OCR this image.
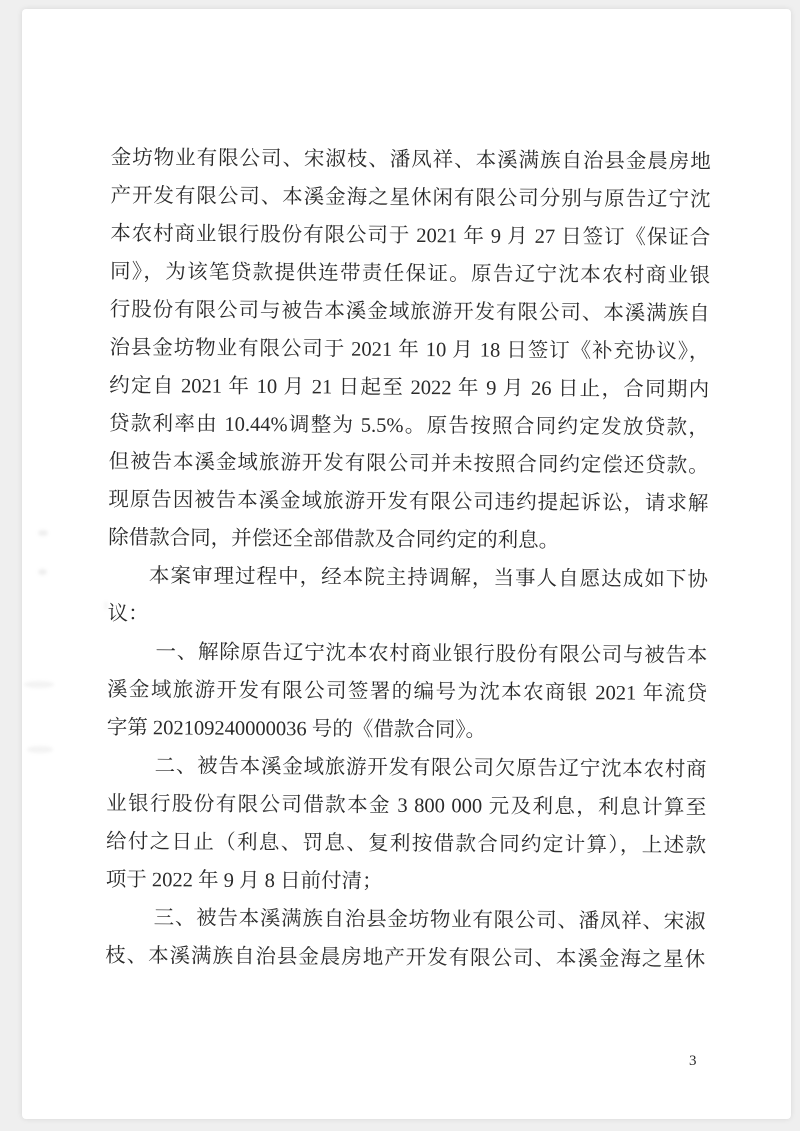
金坊物业有限公司、宋淑枝、潘凤祥、本溪满族自治县金晨房地
产开发有限公司、本溪金海之星休闲有限公司分别与原告辽宁沈
本农村商业银行股份有限公司于 2021 年 9 月 27 日签订《保证合
同》，为该笔贷款提供连带责任保证。原告辽宁沈本农村商业银
行股份有限公司与被告本溪金域旅游开发有限公司、本溪满族自
治县金坊物业有限公司于 2021 年 10 月 18 日签订《补充协议》，
约定自 2021 年 10 月 21 日起至 2022 年 9 月 26 日止，合同期内
贷款利率由 10.44%调整为 5.5%。原告按照合同约定发放贷款，
但被告本溪金域旅游开发有限公司并未按照合同约定偿还贷款。
现原告因被告本溪金域旅游开发有限公司违约提起诉讼，请求解
除借款合同，并偿还全部借款及合同约定的利息。
本案审理过程中，经本院主持调解，当事人自愿达成如下协
议：
一、解除原告辽宁沈本农村商业银行股份有限公司与被告本
溪金域旅游开发有限公司签署的编号为沈本农商银 2021 年流贷
字第 202109240000036 号的《借款合同》。
二、被告本溪金域旅游开发有限公司欠原告辽宁沈本农村商
业银行股份有限公司借款本金 3 800 000 元及利息，利息计算至
给付之日止（利息、罚息、复利按借款合同约定计算），上述款
项于 2022 年 9 月 8 日前付清；
三、被告本溪满族自治县金坊物业有限公司、潘凤祥、宋淑
枝、本溪满族自治县金晨房地产开发有限公司、本溪金海之星休
3
